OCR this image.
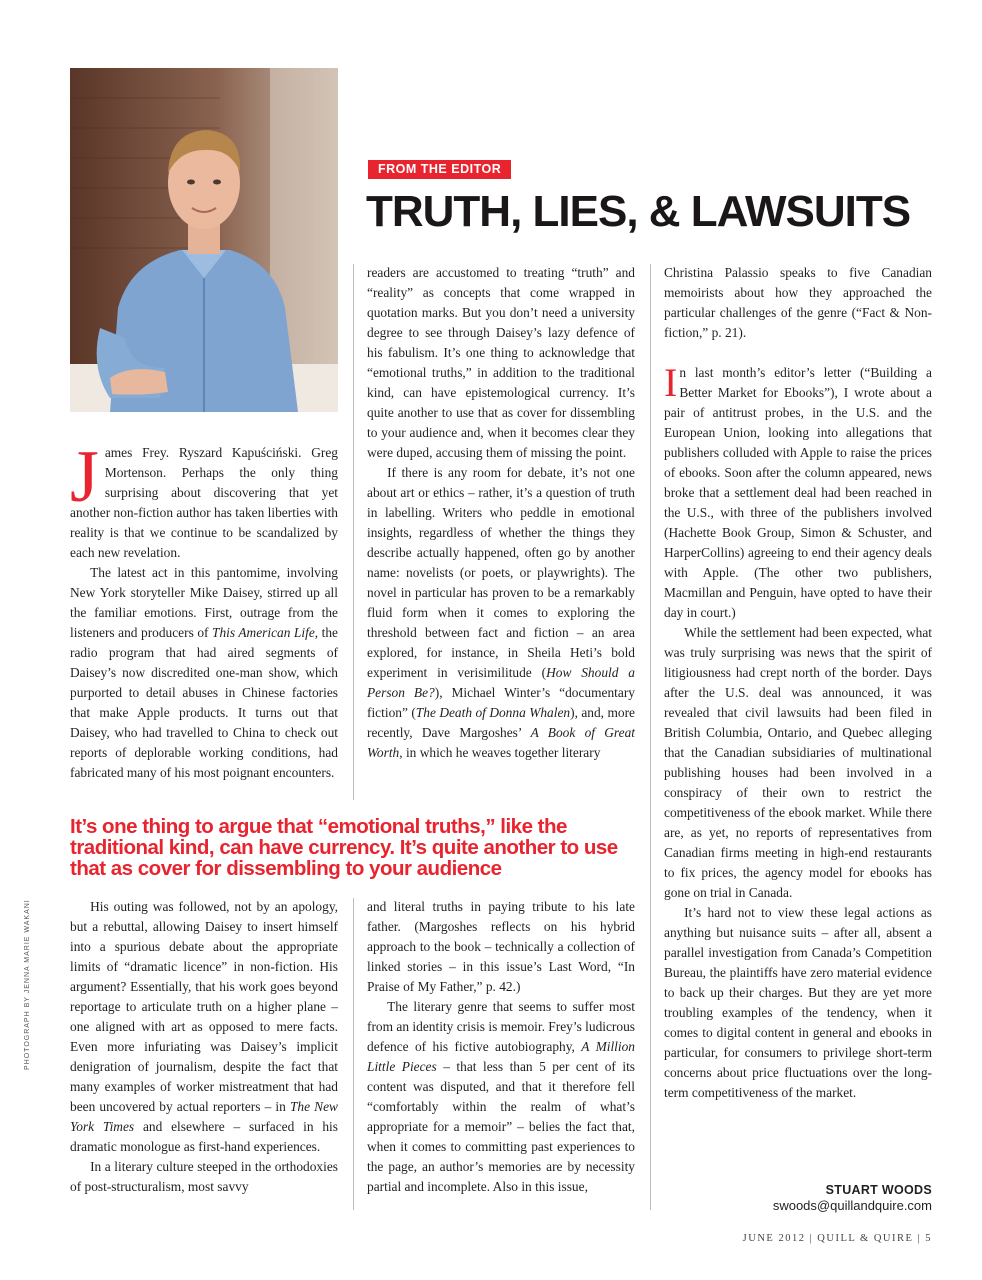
PHOTOGRAPH BY JENNA MARIE WAKANI
FROM THE EDITOR
TRUTH, LIES, & LAWSUITS

James Frey. Ryszard Kapuściński. Greg Mortenson. Perhaps the only thing surprising about discovering that yet another non-fiction author has taken liberties with reality is that we continue to be scandalized by each new revelation.

The latest act in this pantomime, involving New York storyteller Mike Daisey, stirred up all the familiar emotions. First, outrage from the listeners and producers of This American Life, the radio program that had aired segments of Daisey’s now discredited one-man show, which purported to detail abuses in Chinese factories that make Apple products. It turns out that Daisey, who had travelled to China to check out reports of deplorable working conditions, had fabricated many of his most poignant encounters.

readers are accustomed to treating “truth” and “reality” as concepts that come wrapped in quotation marks. But you don’t need a university degree to see through Daisey’s lazy defence of his fabulism. It’s one thing to acknowledge that “emotional truths,” in addition to the traditional kind, can have epistemological currency. It’s quite another to use that as cover for dissembling to your audience and, when it becomes clear they were duped, accusing them of missing the point.

If there is any room for debate, it’s not one about art or ethics – rather, it’s a question of truth in labelling. Writers who peddle in emotional insights, regardless of whether the things they describe actually happened, often go by another name: novelists (or poets, or playwrights). The novel in particular has proven to be a remarkably fluid form when it comes to exploring the threshold between fact and fiction – an area explored, for instance, in Sheila Heti’s bold experiment in verisimilitude (How Should a Person Be?), Michael Winter’s “documentary fiction” (The Death of Donna Whalen), and, more recently, Dave Margoshes’ A Book of Great Worth, in which he weaves together literary

It’s one thing to argue that “emotional truths,” like the traditional kind, can have currency. It’s quite another to use that as cover for dissembling to your audience

His outing was followed, not by an apology, but a rebuttal, allowing Daisey to insert himself into a spurious debate about the appropriate limits of “dramatic licence” in non-fiction. His argument? Essentially, that his work goes beyond reportage to articulate truth on a higher plane – one aligned with art as opposed to mere facts. Even more infuriating was Daisey’s implicit denigration of journalism, despite the fact that many examples of worker mistreatment that had been uncovered by actual reporters – in The New York Times and elsewhere – surfaced in his dramatic monologue as first-hand experiences.

In a literary culture steeped in the orthodoxies of post-structuralism, most savvy

and literal truths in paying tribute to his late father. (Margoshes reflects on his hybrid approach to the book – technically a collection of linked stories – in this issue’s Last Word, “In Praise of My Father,” p. 42.)

The literary genre that seems to suffer most from an identity crisis is memoir. Frey’s ludicrous defence of his fictive autobiography, A Million Little Pieces – that less than 5 per cent of its content was disputed, and that it therefore fell “comfortably within the realm of what’s appropriate for a memoir” – belies the fact that, when it comes to committing past experiences to the page, an author’s memories are by necessity partial and incomplete. Also in this issue,

Christina Palassio speaks to five Canadian memoirists about how they approached the particular challenges of the genre (“Fact & Non-fiction,” p. 21).

In last month’s editor’s letter (“Building a Better Market for Ebooks”), I wrote about a pair of antitrust probes, in the U.S. and the European Union, looking into allegations that publishers colluded with Apple to raise the prices of ebooks. Soon after the column appeared, news broke that a settlement deal had been reached in the U.S., with three of the publishers involved (Hachette Book Group, Simon & Schuster, and HarperCollins) agreeing to end their agency deals with Apple. (The other two publishers, Macmillan and Penguin, have opted to have their day in court.)

While the settlement had been expected, what was truly surprising was news that the spirit of litigiousness had crept north of the border. Days after the U.S. deal was announced, it was revealed that civil lawsuits had been filed in British Columbia, Ontario, and Quebec alleging that the Canadian subsidiaries of multinational publishing houses had been involved in a conspiracy of their own to restrict the competitiveness of the ebook market. While there are, as yet, no reports of representatives from Canadian firms meeting in high-end restaurants to fix prices, the agency model for ebooks has gone on trial in Canada.

It’s hard not to view these legal actions as anything but nuisance suits – after all, absent a parallel investigation from Canada’s Competition Bureau, the plaintiffs have zero material evidence to back up their charges. But they are yet more troubling examples of the tendency, when it comes to digital content in general and ebooks in particular, for consumers to privilege short-term concerns about price fluctuations over the long-term competitiveness of the market.

STUART WOODS
swoods@quillandquire.com
JUNE 2012 | QUILL & QUIRE | 5
